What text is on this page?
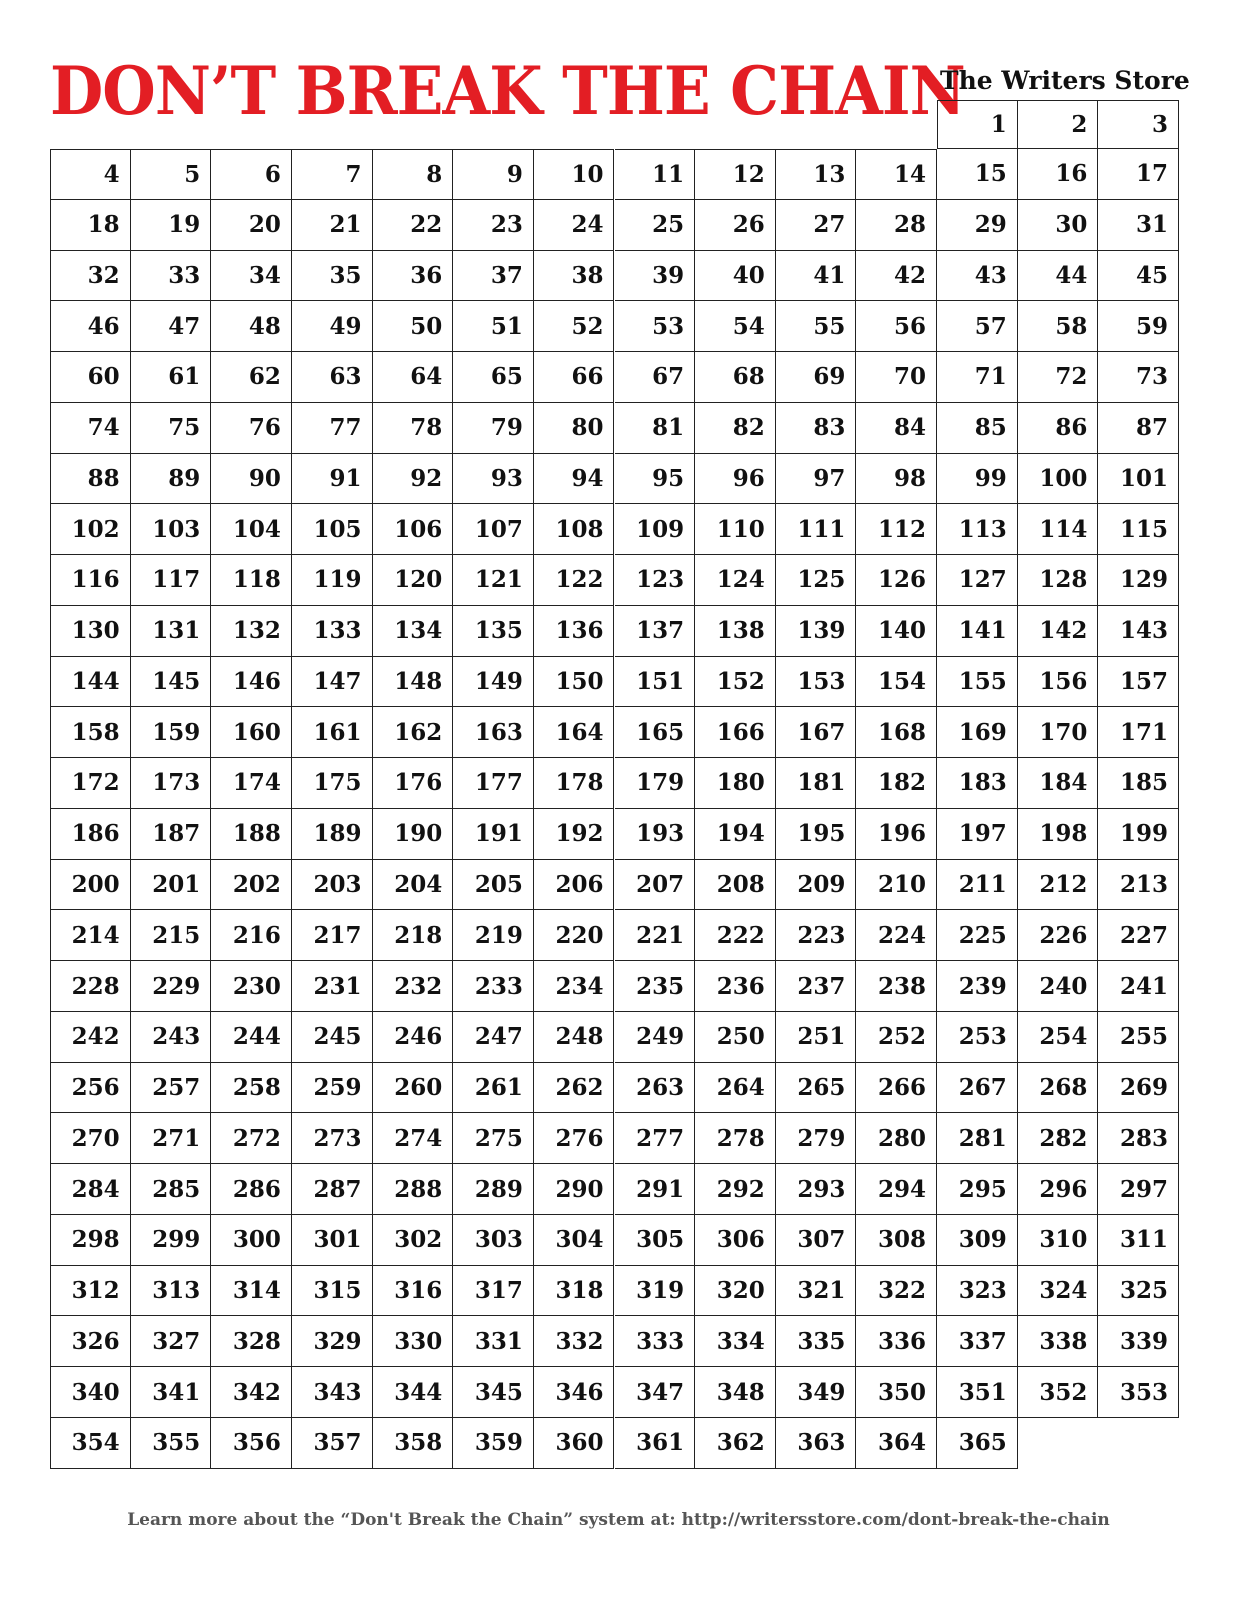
DON’T BREAK THE CHAIN
The Writers Store
1	2	3
4	5	6	7	8	9 10 11 12 13 14 15 16 17
18 19 20 21 22 23 24 25 26 27 28 29 30 31
32 33 34 35 36 37 38 39 40 41 42 43 44 45
46 47 48 49 50 51 52 53 54 55 56 57 58 59
60 61 62 63 64 65 66 67 68 69 70 71 72 73
74 75 76 77 78 79 80 81 82 83 84 85 86 87
88 89 90 91 92 93 94 95 96 97 98 99 100 101
102 103 104 105 106 107 108 109 110 111 112 113 114 115
116 117 118 119 120 121 122 123 124 125 126 127 128 129
130 131 132 133 134 135 136 137 138 139 140 141 142 143
144 145 146 147 148 149 150 151 152 153 154 155 156 157
158 159 160 161 162 163 164 165 166 167 168 169 170 171
172 173 174 175 176 177 178 179 180 181 182 183 184 185
186 187 188 189 190 191 192 193 194 195 196 197 198 199
200 201 202 203 204 205 206 207 208 209 210 211 212 213
214 215 216 217 218 219 220 221 222 223 224 225 226 227
228 229 230 231 232 233 234 235 236 237 238 239 240 241
242 243 244 245 246 247 248 249 250 251 252 253 254 255
256 257 258 259 260 261 262 263 264 265 266 267 268 269
270 271 272 273 274 275 276 277 278 279 280 281 282 283
284 285 286 287 288 289 290 291 292 293 294 295 296 297
298 299 300 301 302 303 304 305 306 307 308 309 310 311
312 313 314 315 316 317 318 319 320 321 322 323 324 325
326 327 328 329 330 331 332 333 334 335 336 337 338 339
340 341 342 343 344 345 346 347 348 349 350 351 352 353
354 355 356 357 358 359 360 361 362 363 364 365
Learn more about the “Don't Break the Chain” system at: http://writersstore.com/dont-break-the-chain
